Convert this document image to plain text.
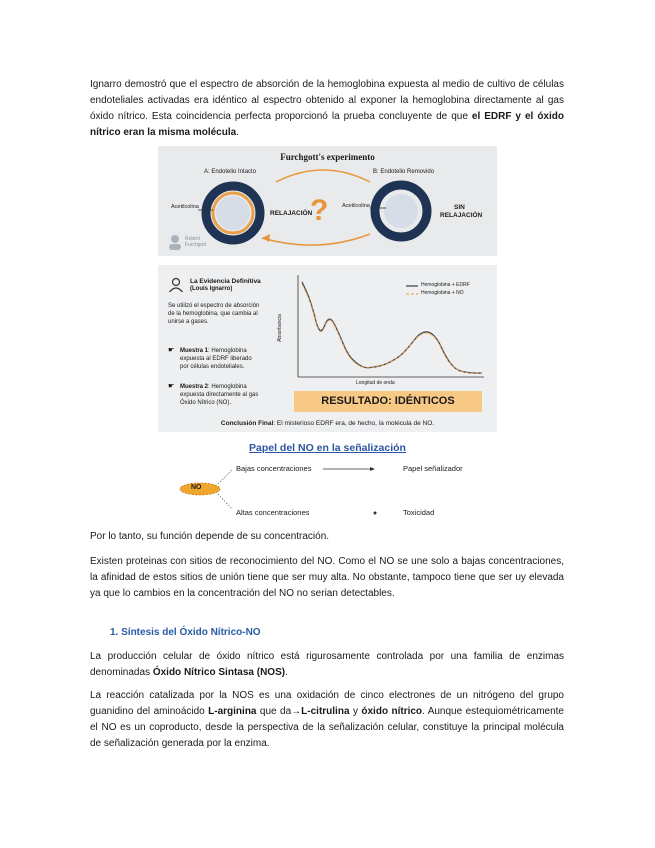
Ignarro demostró que el espectro de absorción de la hemoglobina expuesta al medio de cultivo de células endoteliales activadas era idéntico al espectro obtenido al exponer la hemoglobina directamente al gas óxido nítrico. Esta coincidencia perfecta proporcionó la prueba concluyente de que el EDRF y el óxido nítrico eran la misma molécula.

Furchgott's experimento
A: Endotelio Intacto	B: Endotelio Removido
Acetilcolina	Acetilcolina
RELAJACIÓN
?	SIN
RELAJACIÓN
Robert
Furchgott
La Evidencia Definitiva
(Louis Ignarro)
Se utilizó el espectro de absorción
de la hemoglobina, que cambia al
unirse a gases.
☛ Muestra 1: Hemoglobina
expuesta al EDRF liberado
por células endoteliales.
☛ Muestra 2: Hemoglobina
expuesta directamente al gas
Óxido Nítrico (NO).
Hemoglobina + EDRF
Hemoglobina + NO
Absorbancia
Longitud de onda
RESULTADO: IDÉNTICOS
Conclusión Final: El misterioso EDRF era, de hecho, la molécula de NO.
Papel del NO en la señalización
NO
Bajas concentraciones	Papel señalizador
Altas concentraciones	Toxicidad

Por lo tanto, su función depende de su concentración.

Existen proteinas con sitios de reconocimiento del NO. Como el NO se une solo a bajas concentraciones, la afinidad de estos sitios de unión tiene que ser muy alta. No obstante, tampoco tiene que ser uy elevada ya que lo cambios en la concentración del NO no serian detectables.

1. Síntesis del Óxido Nítrico-NO

La producción celular de óxido nítrico está rigurosamente controlada por una familia de enzimas denominadas Óxido Nítrico Sintasa (NOS).

La reacción catalizada por la NOS es una oxidación de cinco electrones de un nitrógeno del grupo guanidino del aminoácido L-arginina que da→L-citrulina y óxido nítrico. Aunque estequiométricamente el NO es un coproducto, desde la perspectiva de la señalización celular, constituye la principal molécula de señalización generada por la enzima.
